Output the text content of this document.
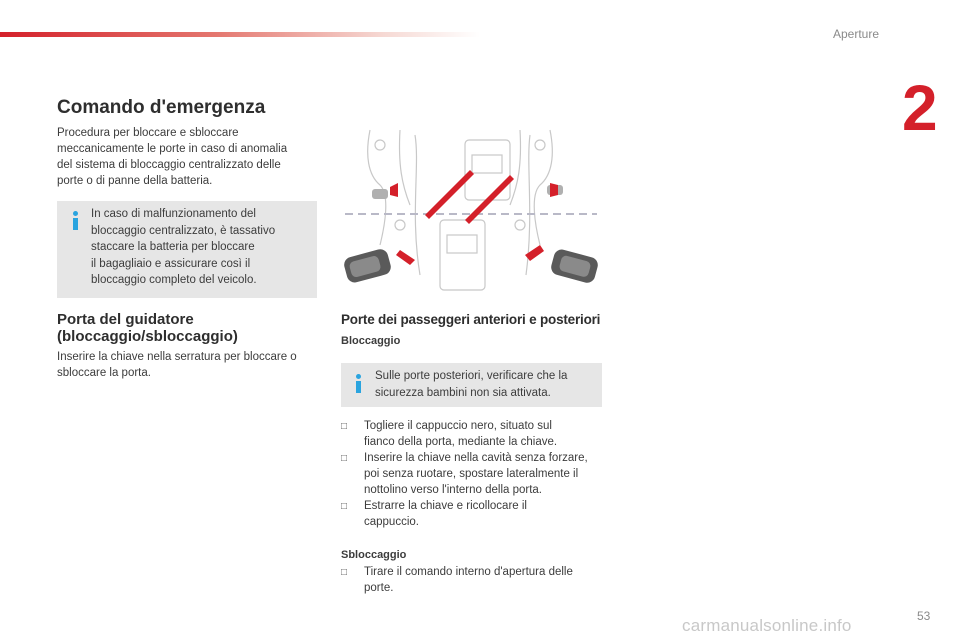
Aperture
2
Comando d'emergenza

Procedura per bloccare e sbloccare
meccanicamente le porte in caso di anomalia
del sistema di bloccaggio centralizzato delle
porte o di panne della batteria.

In caso di malfunzionamento del
bloccaggio centralizzato, è tassativo
staccare la batteria per bloccare
il bagagliaio e assicurare così il
bloccaggio completo del veicolo.

Porta del guidatore
(bloccaggio/sbloccaggio)

Inserire la chiave nella serratura per bloccare o
sbloccare la porta.

Porte dei passeggeri anteriori e posteriori
Bloccaggio

Sulle porte posteriori, verificare che la
sicurezza bambini non sia attivata.

□ Togliere il cappuccio nero, situato sul
fianco della porta, mediante la chiave.
□ Inserire la chiave nella cavità senza forzare,
poi senza ruotare, spostare lateralmente il
nottolino verso l'interno della porta.
□ Estrarre la chiave e ricollocare il
cappuccio.
Sbloccaggio
□ Tirare il comando interno d'apertura delle
porte.
carmanualsonline.info	53
